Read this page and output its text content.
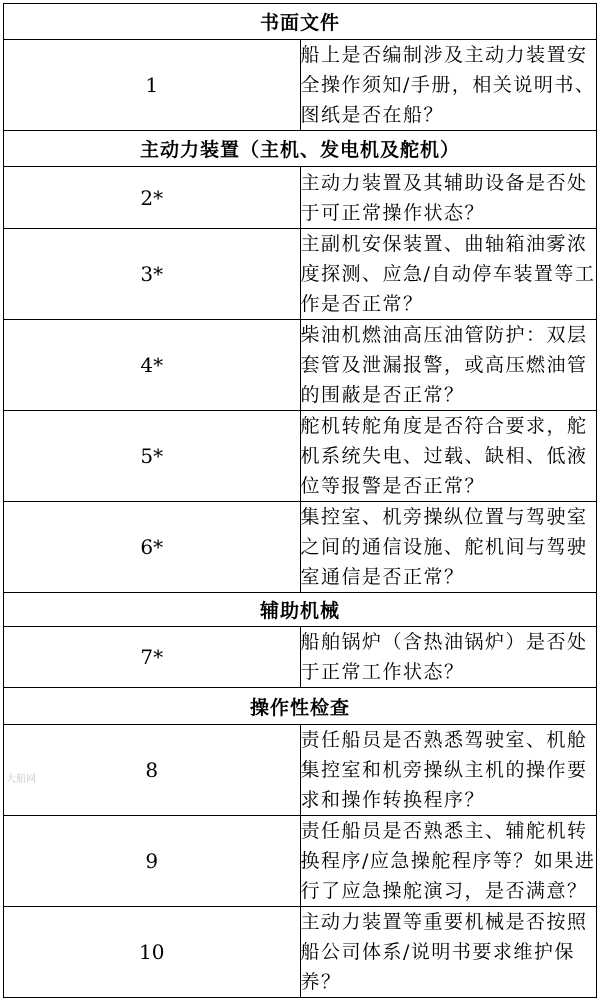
书面文件	
1	船上是否编制涉及主动力装置安全操作须知/手册，相关说明书、图纸是否在船？
主动力装置（主机、发电机及舵机）	
2*	主动力装置及其辅助设备是否处于可正常操作状态？
3*	主副机安保装置、曲轴箱油雾浓度探测、应急/自动停车装置等工作是否正常？
4*	柴油机燃油高压油管防护：双层套管及泄漏报警，或高压燃油管的围蔽是否正常？
5*	舵机转舵角度是否符合要求，舵机系统失电、过载、缺相、低液位等报警是否正常？
6*	集控室、机旁操纵位置与驾驶室之间的通信设施、舵机间与驾驶室通信是否正常？
辅助机械	
7*	船舶锅炉（含热油锅炉）是否处于正常工作状态？
操作性检查	
8	责任船员是否熟悉驾驶室、机舱集控室和机旁操纵主机的操作要求和操作转换程序？
9	责任船员是否熟悉主、辅舵机转换程序/应急操舵程序等？如果进行了应急操舵演习，是否满意？
10	主动力装置等重要机械是否按照船公司体系/说明书要求维护保养？
大船网
